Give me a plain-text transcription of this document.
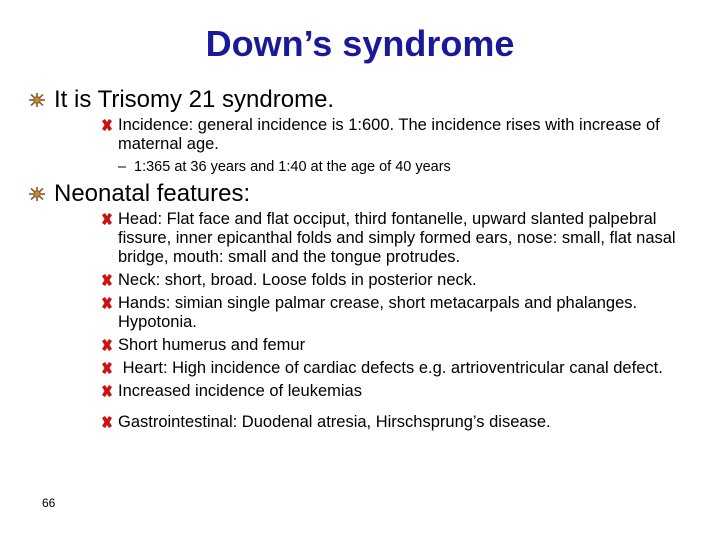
Down’s syndrome
It is Trisomy 21 syndrome.
Incidence: general incidence is 1:600. The incidence rises with increase of maternal age.
– 1:365 at 36 years and 1:40 at the age of 40 years
Neonatal features:
Head: Flat face and flat occiput, third fontanelle, upward slanted palpebral fissure, inner epicanthal folds and simply formed ears, nose: small, flat nasal bridge, mouth: small and the tongue protrudes.
Neck: short, broad. Loose folds in posterior neck.
Hands: simian single palmar crease, short metacarpals and phalanges. Hypotonia.
Short humerus and femur
Heart: High incidence of cardiac defects e.g. artrioventricular canal defect.
Increased incidence of leukemias
Gastrointestinal: Duodenal atresia, Hirschsprung’s disease.
66
